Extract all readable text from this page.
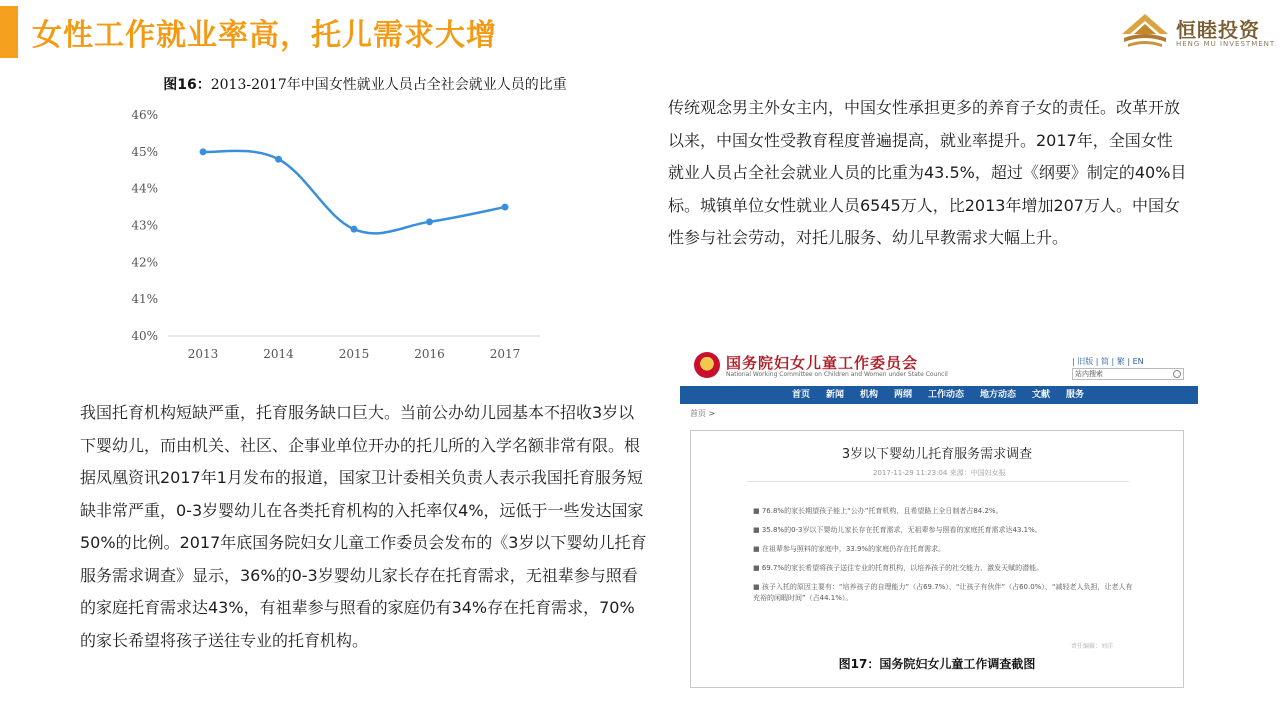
女性工作就业率高，托儿需求大增	恒睦投资
HENG MU INVESTMENT
图16：2013-2017年中国女性就业人员占全社会就业人员的比重
46%
45%
44%
43%
42%
41%
40%
2013	2014	2015	2016	2017
传统观念男主外女主内，中国女性承担更多的养育子女的责任。改革开放以来，中国女性受教育程度普遍提高，就业率提升。2017年，全国女性就业人员占全社会就业人员的比重为43.5%，超过《纲要》制定的40%目标。城镇单位女性就业人员6545万人，比2013年增加207万人。中国女性参与社会劳动，对托儿服务、幼儿早教需求大幅上升。
我国托育机构短缺严重，托育服务缺口巨大。当前公办幼儿园基本不招收3岁以下婴幼儿，而由机关、社区、企事业单位开办的托儿所的入学名额非常有限。根据凤凰资讯2017年1月发布的报道，国家卫计委相关负责人表示我国托育服务短缺非常严重，0-3岁婴幼儿在各类托育机构的入托率仅4%，远低于一些发达国家50%的比例。2017年底国务院妇女儿童工作委员会发布的《3岁以下婴幼儿托育服务需求调查》显示，36%的0-3岁婴幼儿家长存在托育需求，无祖辈参与照看的家庭托育需求达43%，有祖辈参与照看的家庭仍有34%存在托育需求，70%的家长希望将孩子送往专业的托育机构。
国务院妇女儿童工作委员会
National Working Committee on Children and Women under State Council
| 旧版 | 简 | 繁 | EN
站内搜索
首页 新闻 机构 两纲 工作动态 地方动态 文献 服务
首页 >
3岁以下婴幼儿托育服务需求调查
2017-11-29 11:23:04 来源：中国妇女报
■ 76.8%的家长期望孩子能上“公办”托育机构，且希望路上全日制者占84.2%。
■ 35.8%的0-3岁以下婴幼儿家长存在托育需求，无祖辈参与照看的家庭托育需求达43.1%。
■ 在祖辈参与照料的家庭中，33.9%的家庭仍存在托育需求。
■ 69.7%的家长希望将孩子送往专业的托育机构，以培养孩子的社交能力、激发天赋的潜能。
■ 孩子入托的原因主要有：“培养孩子的自理能力”（占69.7%）、“让孩子有伙伴”（占60.0%）、“减轻老人负担，让老人有充裕的闲暇时间”（占44.1%）。
责任编辑：刘洋
图17：国务院妇女儿童工作调查截图
